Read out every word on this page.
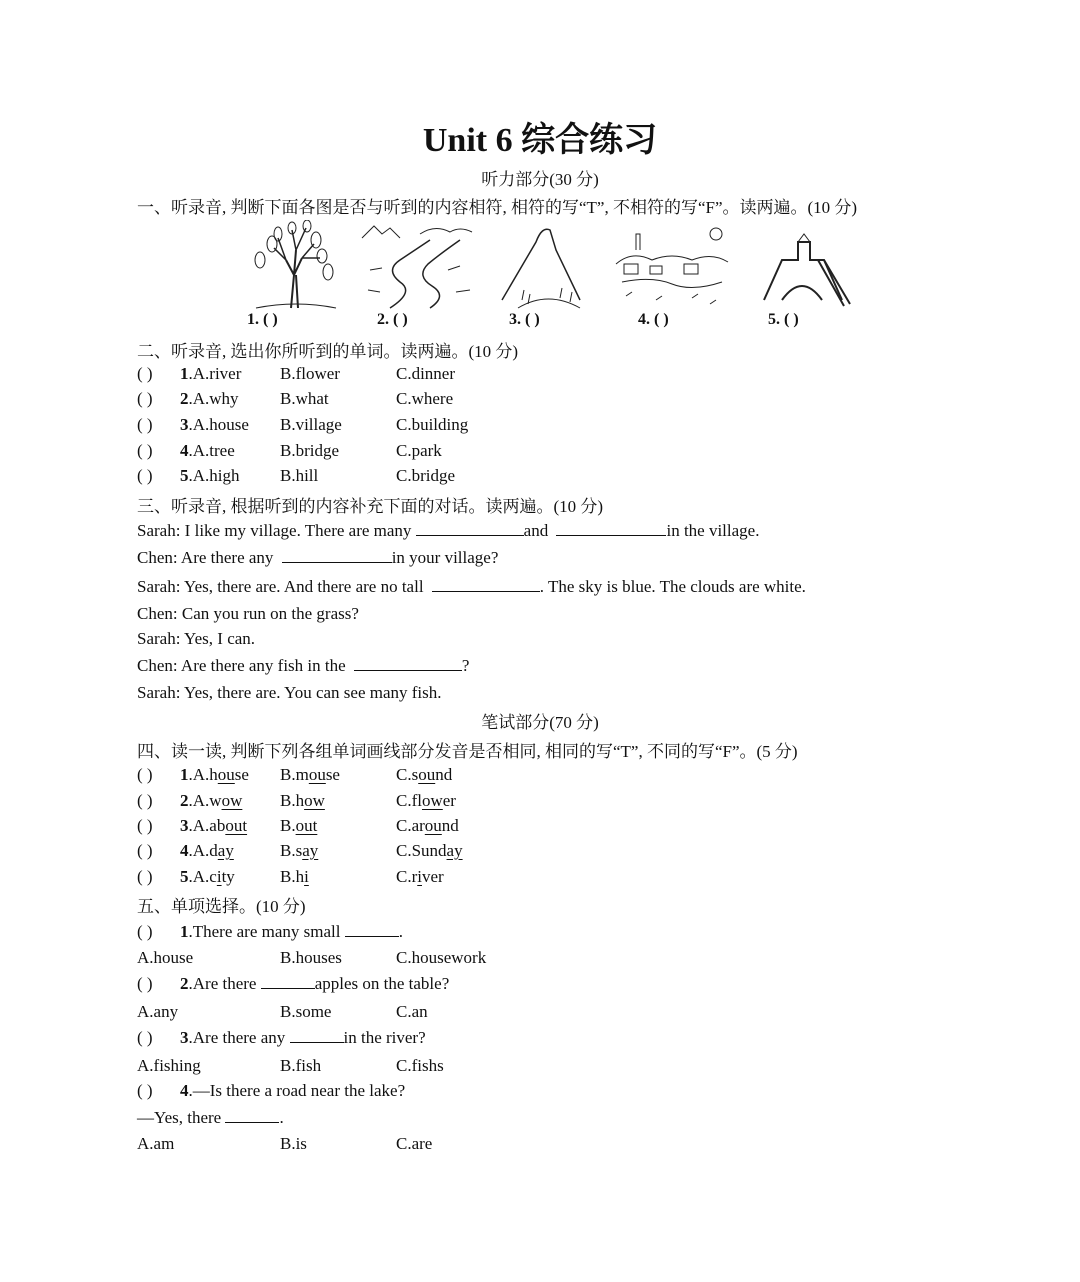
Unit 6 综合练习
听力部分(30 分)
一、听录音, 判断下面各图是否与听到的内容相符, 相符的写“T”, 不相符的写“F”。读两遍。(10 分)
1. ( )	2. ( )	3. ( )	4. ( )	5. ( )
二、听录音, 选出你所听到的单词。读两遍。(10 分)
( ) 1.A.river B.flower	C.dinner
( ) 2.A.why B.what	C.where
( ) 3.A.house B.village	C.building
( ) 4.A.tree	B.bridge	C.park
( ) 5.A.high B.hill	C.bridge
三、听录音, 根据听到的内容补充下面的对话。读两遍。(10 分)
Sarah: I like my village. There are many	and	in the village.
Chen: Are there any	in your village?
Sarah: Yes, there are. And there are no tall	. The sky is blue. The clouds are white.
Chen: Can you run on the grass?
Sarah: Yes, I can.
Chen: Are there any fish in the	?
Sarah: Yes, there are. You can see many fish.
笔试部分(70 分)
四、读一读, 判断下列各组单词画线部分发音是否相同, 相同的写“T”, 不同的写“F”。(5 分)
( ) 1.A.house B.mouse	C.sound
( ) 2.A.wow B.how	C.flower
( ) 3.A.about B.out	C.around
( ) 4.A.day	B.say	C.Sunday
( ) 5.A.city	B.hi	C.river
五、单项选择。(10 分)
( ) 1.There are many small	.
A.house	B.houses	C.housework
( ) 2.Are there	apples on the table?
A.any	B.some	C.an
( ) 3.Are there any	in the river?
A.fishing	B.fish	C.fishs
( ) 4.—Is there a road near the lake?
—Yes, there	.
A.am	B.is	C.are
